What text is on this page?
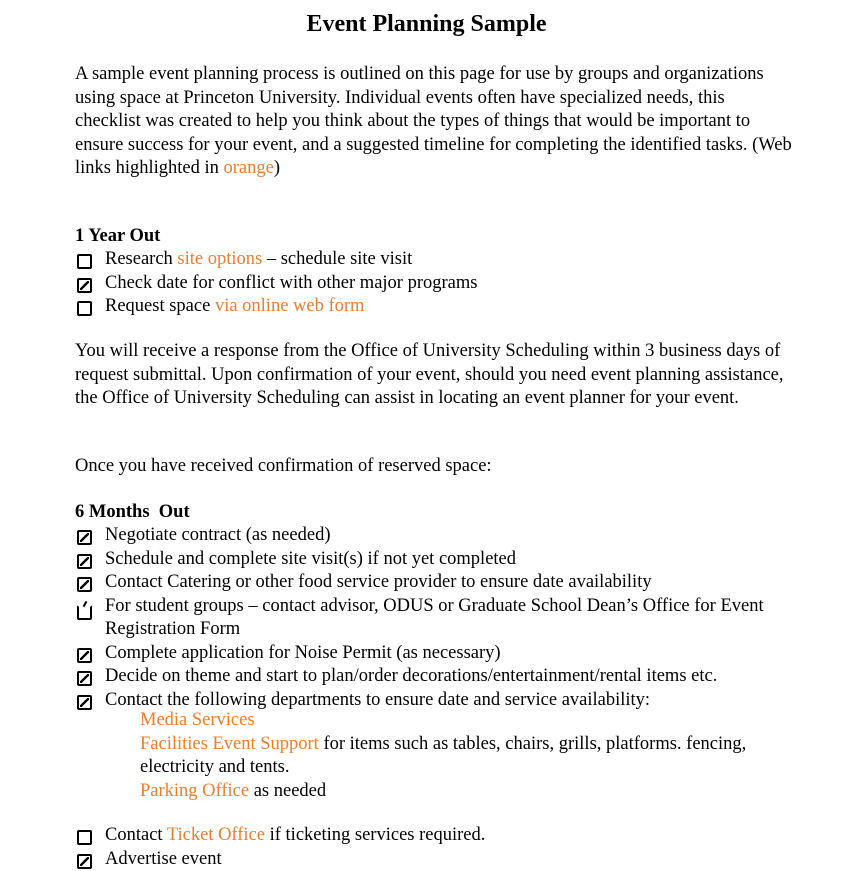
Event Planning Sample

A sample event planning process is outlined on this page for use by groups and organizations using space at Princeton University. Individual events often have specialized needs, this checklist was created to help you think about the types of things that would be important to ensure success for your event, and a suggested timeline for completing the identified tasks. (Web links highlighted in orange)

1 Year Out
Research site options – schedule site visit
Check date for conflict with other major programs
Request space via online web form

You will receive a response from the Office of University Scheduling within 3 business days of request submittal. Upon confirmation of your event, should you need event planning assistance, the Office of University Scheduling can assist in locating an event planner for your event.

Once you have received confirmation of reserved space:

6 Months  Out
Negotiate contract (as needed)
Schedule and complete site visit(s) if not yet completed
Contact Catering or other food service provider to ensure date availability
For student groups – contact advisor, ODUS or Graduate School Dean’s Office for Event Registration Form
Complete application for Noise Permit (as necessary)
Decide on theme and start to plan/order decorations/entertainment/rental items etc.
Contact the following departments to ensure date and service availability:

Media Services

Facilities Event Support for items such as tables, chairs, grills, platforms. fencing, electricity and tents.

Parking Office as needed

Contact Ticket Office if ticketing services required.
Advertise event
